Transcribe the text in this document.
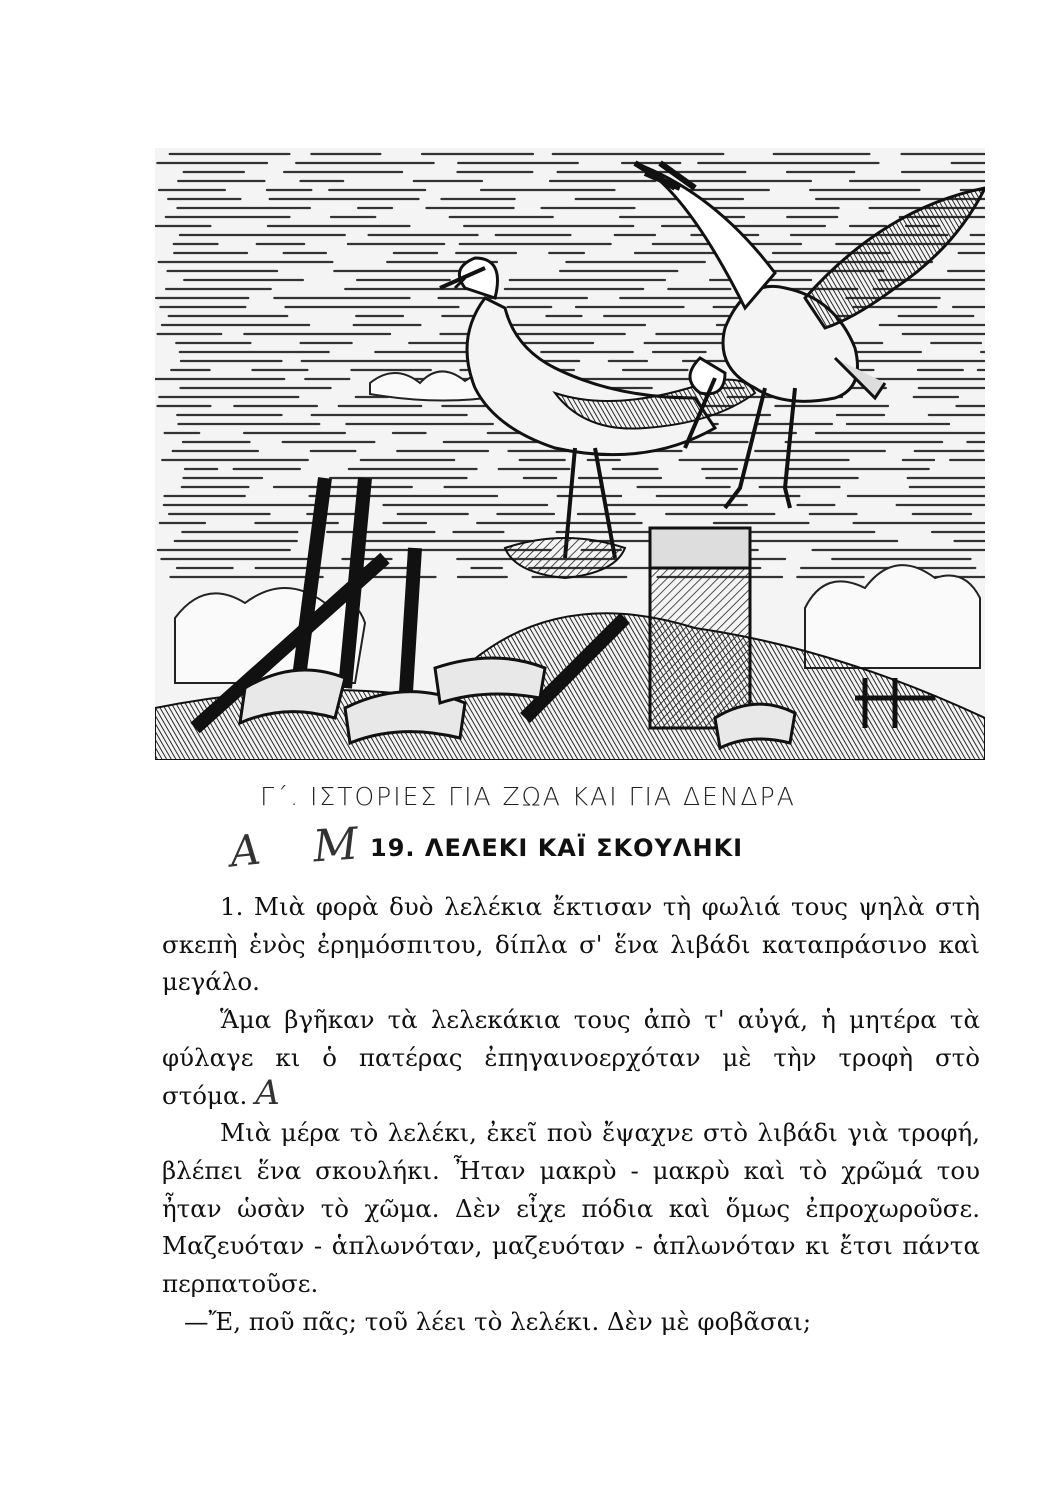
Γ΄. ΙΣΤΟΡΙΕΣ ΓΙΑ ΖΩΑ ΚΑΙ ΓΙΑ ΔΕΝΔΡΑ
A M 19. ΛΕΛΕΚΙ ΚΑΪ ΣΚΟΥΛΗΚΙ

1. Μιὰ φορὰ δυὸ λελέκια ἔκτισαν τὴ φωλιά τους ψηλὰ στὴ σκεπὴ ἑνὸς ἐρημόσπιτου, δίπλα σ' ἕνα λιβάδι καταπράσινο καὶ μεγάλο.

Ἅμα βγῆκαν τὰ λελεκάκια τους ἀπὸ τ' αὐγά, ἡ μητέρα τὰ φύλαγε κι ὁ πατέρας ἐπηγαινοερχόταν μὲ τὴν τροφὴ στὸ στόμα. A

Μιὰ μέρα τὸ λελέκι, ἐκεῖ ποὺ ἔψαχνε στὸ λιβάδι γιὰ τροφή, βλέπει ἕνα σκουλήκι. Ἦταν μακρὺ - μακρὺ καὶ τὸ χρῶμά του ἦταν ὡσὰν τὸ χῶμα. Δὲν εἶχε πόδια καὶ ὅμως ἐπροχωροῦσε. Μαζευόταν - ἁπλωνόταν, μαζευόταν - ἁπλωνόταν κι ἔτσι πάντα περπατοῦσε.

—Ἔ, ποῦ πᾶς; τοῦ λέει τὸ λελέκι. Δὲν μὲ φοβᾶσαι;
